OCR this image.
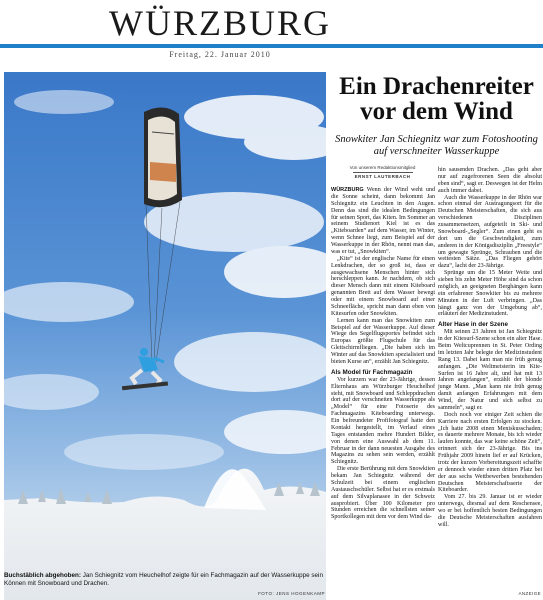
WÜRZBURG
Freitag, 22. Januar 2010
Buchstäblich abgehoben: Jan Schiegnitz vom Heuchelhof zeigte für ein Fachmagazin auf der Wasserkuppe sein Können mit Snowboard und Drachen.
FOTO: JENS HOGENKAMP
Ein Drachenreiter vor dem Wind
Snowkiter Jan Schiegnitz war zum Fotoshooting auf verschneiter Wasserkuppe
Von unserem Redaktionsmitglied
ERNST LAUTERBACH

WÜRZBURG Wenn der Wind weht und die Sonne scheint, dann bekommt Jan Schiegnitz ein Leuchten in den Augen. Denn das sind die idealen Bedingungen für seinen Sport, das Kiten. Im Sommer an seinem Studienort Kiel ist es das „Kiteboarden“ auf dem Wasser, im Winter, wenn Schnee liegt, zum Beispiel auf der Wasserkuppe in der Rhön, nennt man das, was er tut, „Snowkiten“.

„Kite“ ist der englische Name für einen Lenkdrachen, der so groß ist, dass er ausgewachsene Menschen hinter sich herschleppen kann. Je nachdem, ob sich dieser Mensch dann mit einem Kiteboard genannten Brett auf dem Wasser bewegt oder mit einem Snowboard auf einer Schneefläche, spricht man dann eben von Kitesurfen oder Snowkiten.

Lernen kann man das Snowkiten zum Beispiel auf der Wasserkuppe. Auf dieser Wiege des Segelflugsportes befindet sich Europas größte Flugschule für das Gleitschirmfliegen. „Die haben sich im Winter auf das Snowkiten spezialisiert und bieten Kurse an“, erzählt Jan Schiegnitz.

Als Model für Fachmagazin

Vor kurzem war der 23-Jährige, dessen Elternhaus am Würzburger Heuchelhof steht, mit Snowboard und Schleppdrachen dort auf der verschneiten Wasserkuppe als „Model“ für eine Fotoserie des Fachmagazins Kiteboarding unterwegs. Ein befreundeter Profifotograf hatte den Kontakt hergestellt, im Verlauf eines Tages entstanden mehre Hundert Bilder, von denen eine Auswahl ab dem 11. Februar in der dann neuesten Ausgabe des Magazins zu sehen sein werden, erzählt Schiegnitz.

Die erste Berührung mit dem Snowkiten bekam Jan Schiegnitz während der Schulzeit bei einem englischen Austauschschüler. Selbst hat er es erstmals auf dem Silvaplanasee in der Schweiz ausprobiert. Über 100 Kilometer pro Stunden erreichen die schnellsten seiner Sportkollegen mit dem vor dem Wind da-

hin sausenden Drachen. „Das geht aber nur auf zugefrorenen Seen die absolut eben sind“, sagt er. Deswegen ist der Helm auch immer dabei.

Auch die Wasserkuppe in der Rhön war schon einmal der Austragungsort für die Deutschen Meisterschaften, die sich aus verschiedenen Disziplinen zusammensetzen, aufgeteilt in Ski- und Snowboard-„Segler“. Zum einen geht es dort um die Geschwindigkeit, zum anderen in der Königsdisziplin „Freestyle“ um gewagte Sprünge, Schrauben und die weitesten Sätze. „Das Fliegen gehört dazu“, lacht der 23-Jährige.

Sprünge um die 15 Meter Weite und sieben bis zehn Meter Höhe sind da schon möglich, an geeigneten Berghängen kann ein erfahrener Snowkiter bis zu mehrere Minuten in der Luft verbringen. „Das hängt ganz von der Umgebung ab“, erläutert der Medizinstudent.

Alter Hase in der Szene

Mit seinen 23 Jahren ist Jan Schiegnitz in der Kitesurf-Szene schon ein alter Hase. Beim Weltcuprennen in St. Peter Ording im letzten Jahr belegte der Medizinstudent Rang 13. Dabei kam man nie früh genug anfangen. „Die Weltmeisterin im Kite-Surfen ist 16 Jahre alt, und hat mit 13 Jahren angefangen“, erzählt der blonde junge Mann. „Man kann nie früh genug damit anfangen Erfahrungen mit dem Wind, der Natur und sich selbst zu sammeln“, sagt er.

Doch noch vor einiger Zeit schien die Karriere nach ersten Erfolgen zu stocken. „Ich hatte 2008 einen Meniskusschaden; es dauerte mehrere Monate, bis ich wieder laufen konnte, das war keine schöne Zeit“, erinnert sich der 23-Jährige. Bis ins Frühjahr 2009 hinein lief er auf Krücken, trotz der kurzen Vorbereitungszeit schaffte er dennoch wieder einen dritten Platz bei der aus sechs Wettbewerben bestehenden Deutschen Meisterschaftsserie der Kiteboarder.

Vom 27. bis 29. Januar ist er wieder unterwegs, diesmal auf dem Reschensee, wo er bei hoffentlich besten Bedingungen die Deutsche Meisterschaften ausfahren will.

ANZEIGE
